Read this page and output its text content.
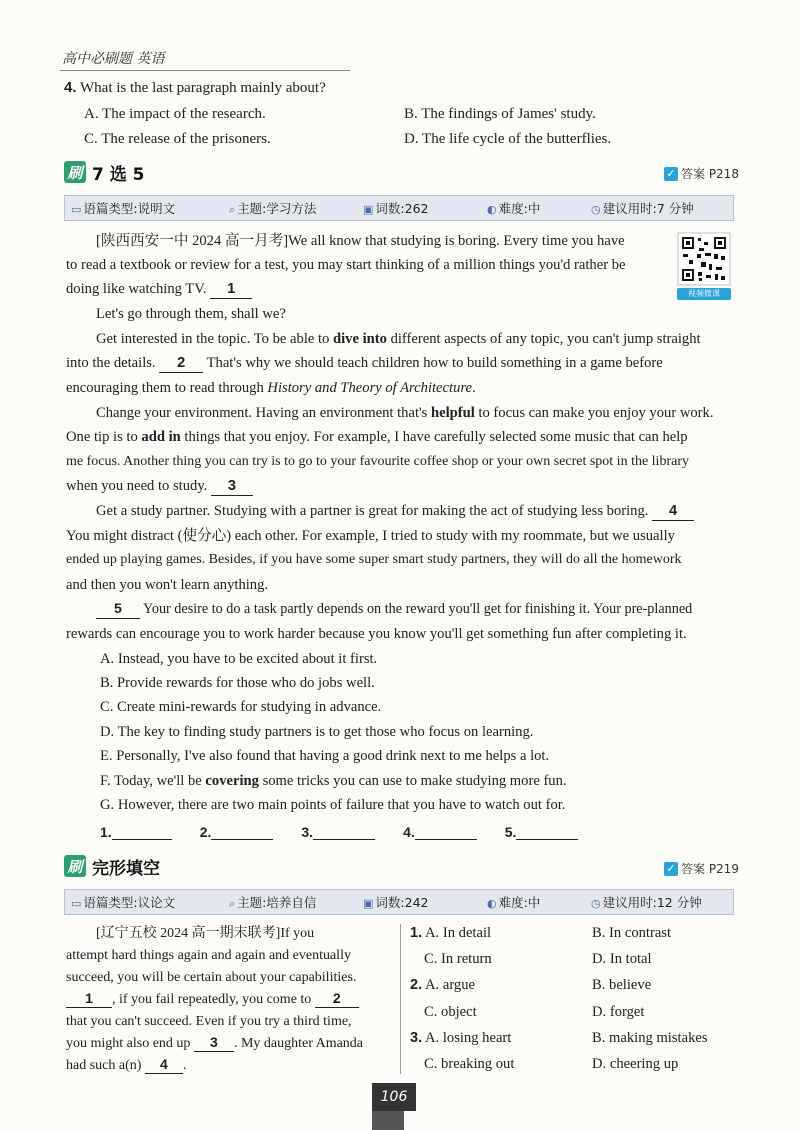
高中必刷题 英语
4. What is the last paragraph mainly about?
A. The impact of the research.	B. The findings of James' study.
C. The release of the prisoners.	D. The life cycle of the butterflies.
刷 7 选 5	✓ 答案 P218
▭ 语篇类型:说明文	⌕ 主题:学习方法	▣ 词数:262	◐ 难度:中	◷ 建议用时:7 分钟
视频微课
[陕西西安一中 2024 高一月考]We all know that studying is boring. Every time you have
to read a textbook or review for a test, you may start thinking of a million things you'd rather be
doing like watching TV. 1
Let's go through them, shall we?
Get interested in the topic. To be able to dive into different aspects of any topic, you can't jump straight
into the details. 2 That's why we should teach children how to build something in a game before
encouraging them to read through History and Theory of Architecture.
Change your environment. Having an environment that's helpful to focus can make you enjoy your work.
One tip is to add in things that you enjoy. For example, I have carefully selected some music that can help
me focus. Another thing you can try is to go to your favourite coffee shop or your own secret spot in the library
when you need to study. 3
Get a study partner. Studying with a partner is great for making the act of studying less boring. 4
You might distract (使分心) each other. For example, I tried to study with my roommate, but we usually
ended up playing games. Besides, if you have some super smart study partners, they will do all the homework
and then you won't learn anything.
5 Your desire to do a task partly depends on the reward you'll get for finishing it. Your pre-planned
rewards can encourage you to work harder because you know you'll get something fun after completing it.
A. Instead, you have to be excited about it first.
B. Provide rewards for those who do jobs well.
C. Create mini-rewards for studying in advance.
D. The key to finding study partners is to get those who focus on learning.
E. Personally, I've also found that having a good drink next to me helps a lot.
F. Today, we'll be covering some tricks you can use to make studying more fun.
G. However, there are two main points of failure that you have to watch out for.
1.	2.	3.	4.	5.
刷 完形填空	✓ 答案 P219
▭ 语篇类型:议论文	⌕ 主题:培养自信	▣ 词数:242	◐ 难度:中	◷ 建议用时:12 分钟
[辽宁五校 2024 高一期末联考]If you
attempt hard things again and again and eventually
succeed, you will be certain about your capabilities.
1 , if you fail repeatedly, you come to 2
that you can't succeed. Even if you try a third time,
you might also end up 3 . My daughter Amanda
had such a(n) 4 .
1. A. In detail	B. In contrast
C. In return	D. In total
2. A. argue	B. believe
C. object	D. forget
3. A. losing heart	B. making mistakes
C. breaking out	D. cheering up
106
